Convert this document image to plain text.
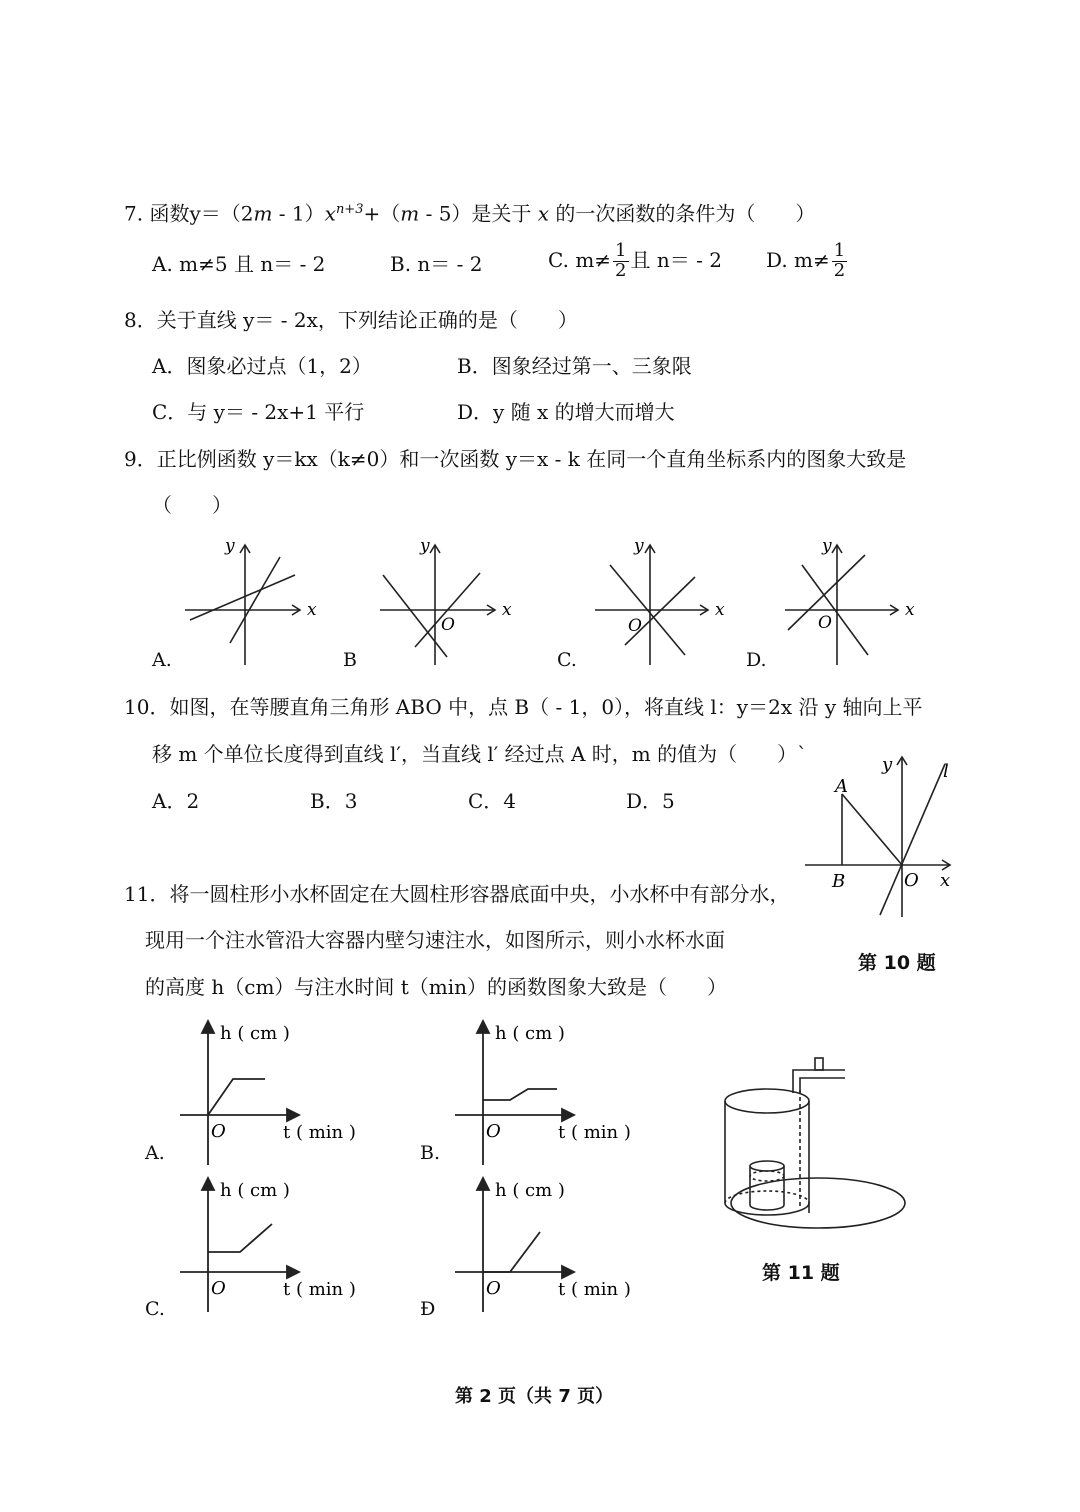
7. 函数$y=(2m - 1)x^{n+3}+(m - 5)$是关于 x 的一次函数的条件为（　　）
A. m≠5 且 n＝ - 2	B. n＝ - 2	C. $m\ne \frac{1}{2}$ 且 n＝ - 2 D. $m\ne \frac{1}{2}$
8．关于直线 y＝ - 2x，下列结论正确的是（　　）
A．图象必过点（1，2）	B．图象经过第一、三象限
C．与 y＝ - 2x+1 平行	D．y 随 x 的增大而增大
9．正比例函数 y＝kx（k≠0）和一次函数 y＝x - k 在同一个直角坐标系内的图象大致是
（　　）
x
y
A.
x
y
O
B
x
y
O
C.
x
y
O
D.
10．如图，在等腰直角三角形 ABO 中，点 B（ - 1，0），将直线 l：y＝2x 沿 y 轴向上平
移 m 个单位长度得到直线 l′，当直线 l′ 经过点 A 时，m 的值为（　　）`
A．2	B．3	C．4	D．5
A
B	O x
y	l
第 10 题
11．将一圆柱形小水杯固定在大圆柱形容器底面中央，小水杯中有部分水，
现用一个注水管沿大容器内壁匀速注水，如图所示，则小水杯水面
的高度 h（cm）与注水时间 t（min）的函数图象大致是（　　）
h ( cm )
t ( min )
O
A.
h ( cm )
t ( min )
O
B.
h ( cm )
t ( min )
O
C.
h ( cm )
t ( min )
O
Đ
第 11 题
第 2 页（共 7 页）
